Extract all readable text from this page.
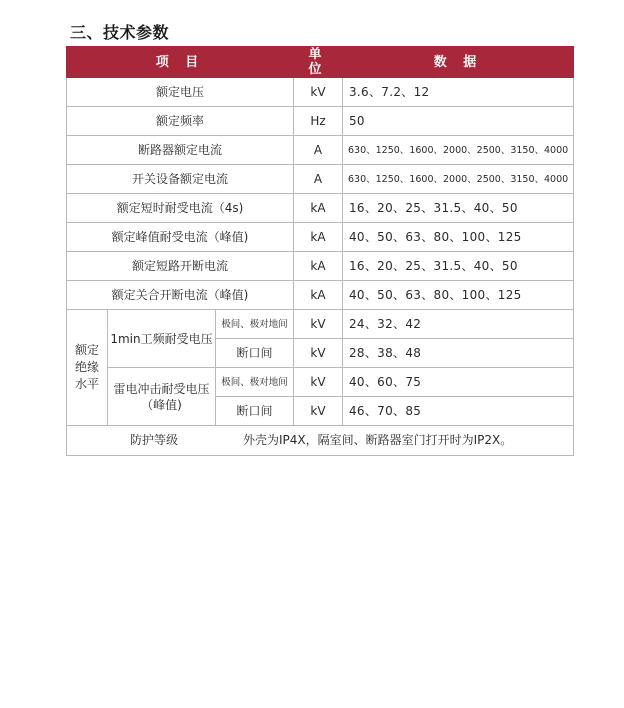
三、技术参数
项 目			单 位	数 据
额定电压			kV	3.6、7.2、12
额定频率			Hz	50
断路器额定电流			A	630、1250、1600、2000、2500、3150、4000
开关设备额定电流			A	630、1250、1600、2000、2500、3150、4000
额定短时耐受电流（4s)			kA	16、20、25、31.5、40、50
额定峰值耐受电流（峰值)			kA	40、50、63、80、100、125
额定短路开断电流			kA	16、20、25、31.5、40、50
额定关合开断电流（峰值)			kA	40、50、63、80、100、125
额定绝缘水平	1min工频耐受电压	极间、极对地间	kV	24、32、42
		断口间	kV	28、38、48
	雷电冲击耐受电压（峰值)	极间、极对地间	kV	40、60、75
		断口间	kV	46、70、85

防护等级 外壳为IP4X，隔室间、断路器室门打开时为IP2X。				
